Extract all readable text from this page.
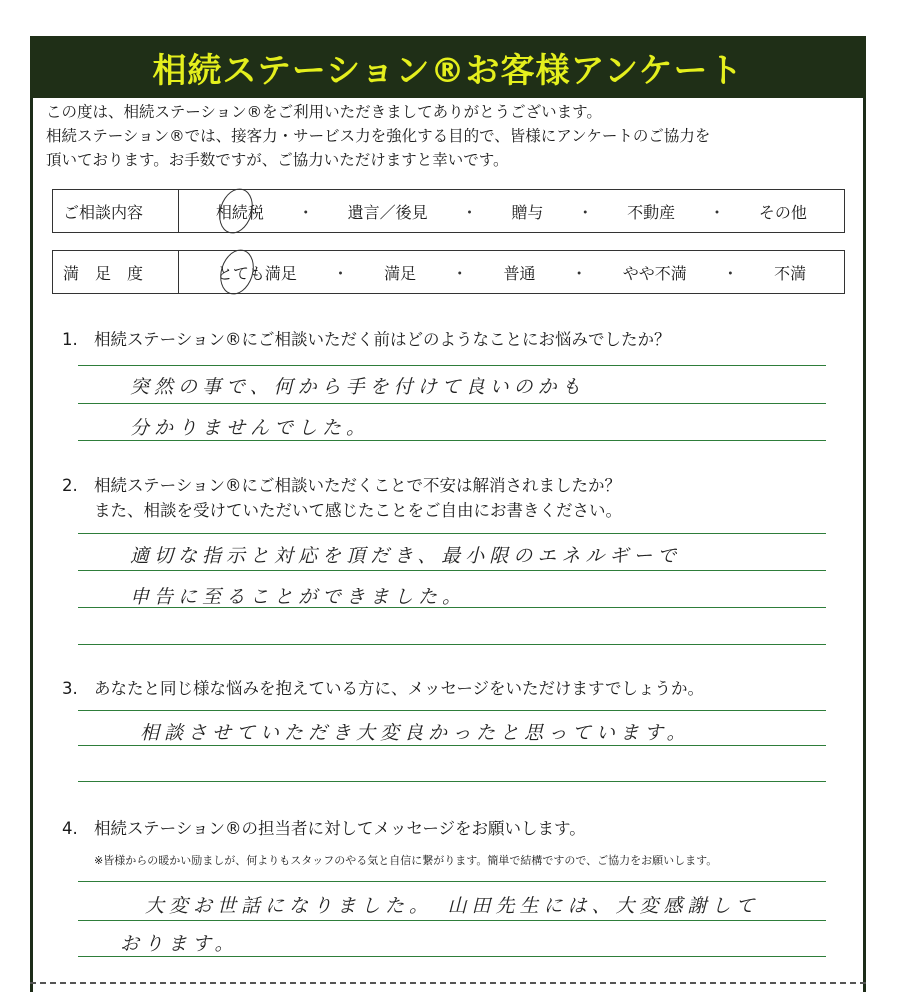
相続ステーション®お客様アンケート

この度は、相続ステーション®をご利用いただきましてありがとうございます。

相続ステーション®では、接客力・サービス力を強化する目的で、皆様にアンケートのご協力を

頂いております。お手数ですが、ご協力いただけますと幸いです。

ご相談内容	相続税 ・ 遺言／後見 ・ 贈与 ・ 不動産 ・ その他
満　足　度	とても満足 ・ 満足 ・ 普通 ・ やや不満 ・ 不満
1. 相続ステーション®にご相談いただく前はどのようなことにお悩みでしたか？
突然の事で、何から手を付けて良いのかも
分かりませんでした。
2. 相続ステーション®にご相談いただくことで不安は解消されましたか？
また、相談を受けていただいて感じたことをご自由にお書きください。
適切な指示と対応を頂だき、最小限のエネルギーで
申告に至ることができました。
3. あなたと同じ様な悩みを抱えている方に、メッセージをいただけますでしょうか。
相談させていただき大変良かったと思っています。
4. 相続ステーション®の担当者に対してメッセージをお願いします。
※皆様からの暖かい励ましが、何よりもスタッフのやる気と自信に繋がります。簡単で結構ですので、ご協力をお願いします。
大変お世話になりました。　山田先生には、大変感謝して
おります。
